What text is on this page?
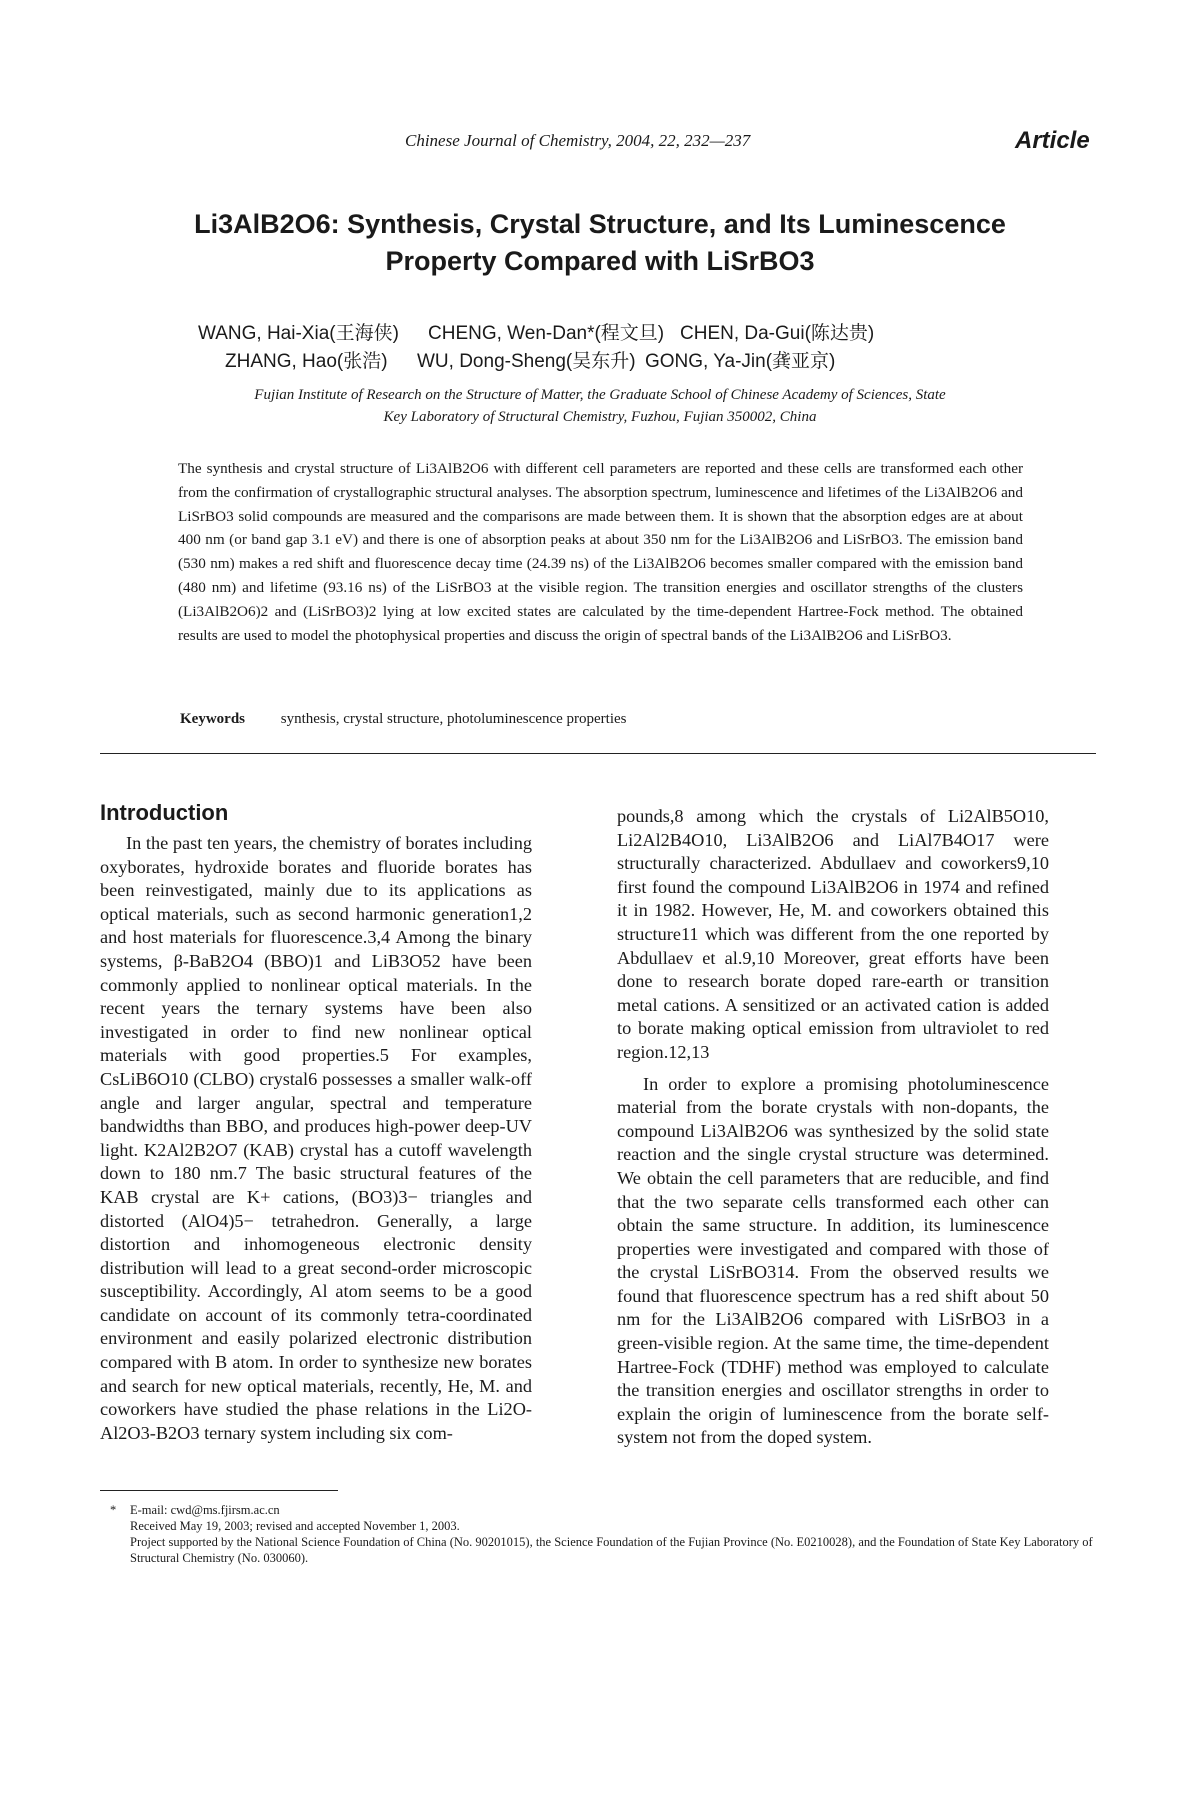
Chinese Journal of Chemistry, 2004, 22, 232—237	Article
Li3AlB2O6: Synthesis, Crystal Structure, and Its Luminescence
Property Compared with LiSrBO3
WANG, Hai-Xia(王海侠) CHENG, Wen-Dan*(程文旦) CHEN, Da-Gui(陈达贵)
ZHANG, Hao(张浩) WU, Dong-Sheng(吴东升) GONG, Ya-Jin(龚亚京)
Fujian Institute of Research on the Structure of Matter, the Graduate School of Chinese Academy of Sciences, State
Key Laboratory of Structural Chemistry, Fuzhou, Fujian 350002, China

The synthesis and crystal structure of Li3AlB2O6 with different cell parameters are reported and these cells are transformed each other from the confirmation of crystallographic structural analyses. The absorption spectrum, luminescence and lifetimes of the Li3AlB2O6 and LiSrBO3 solid compounds are measured and the comparisons are made between them. It is shown that the absorption edges are at about 400 nm (or band gap 3.1 eV) and there is one of absorption peaks at about 350 nm for the Li3AlB2O6 and LiSrBO3. The emission band (530 nm) makes a red shift and fluorescence decay time (24.39 ns) of the Li3AlB2O6 becomes smaller compared with the emission band (480 nm) and lifetime (93.16 ns) of the LiSrBO3 at the visible region. The transition energies and oscillator strengths of the clusters (Li3AlB2O6)2 and (LiSrBO3)2 lying at low excited states are calculated by the time-dependent Hartree-Fock method. The obtained results are used to model the photophysical properties and discuss the origin of spectral bands of the Li3AlB2O6 and LiSrBO3.

Keywords synthesis, crystal structure, photoluminescence properties
Introduction

In the past ten years, the chemistry of borates including oxyborates, hydroxide borates and fluoride borates has been reinvestigated, mainly due to its applications as optical materials, such as second harmonic generation1,2 and host materials for fluorescence.3,4 Among the binary systems, β-BaB2O4 (BBO)1 and LiB3O52 have been commonly applied to nonlinear optical materials. In the recent years the ternary systems have been also investigated in order to find new nonlinear optical materials with good properties.5 For examples, CsLiB6O10 (CLBO) crystal6 possesses a smaller walk-off angle and larger angular, spectral and temperature bandwidths than BBO, and produces high-power deep-UV light. K2Al2B2O7 (KAB) crystal has a cutoff wavelength down to 180 nm.7 The basic structural features of the KAB crystal are K+ cations, (BO3)3− triangles and distorted (AlO4)5− tetrahedron. Generally, a large distortion and inhomogeneous electronic density distribution will lead to a great second-order microscopic susceptibility. Accordingly, Al atom seems to be a good candidate on account of its commonly tetra-coordinated environment and easily polarized electronic distribution compared with B atom. In order to synthesize new borates and search for new optical materials, recently, He, M. and coworkers have studied the phase relations in the Li2O-Al2O3-B2O3 ternary system including six com-

pounds,8 among which the crystals of Li2AlB5O10, Li2Al2B4O10, Li3AlB2O6 and LiAl7B4O17 were structurally characterized. Abdullaev and coworkers9,10 first found the compound Li3AlB2O6 in 1974 and refined it in 1982. However, He, M. and coworkers obtained this structure11 which was different from the one reported by Abdullaev et al.9,10 Moreover, great efforts have been done to research borate doped rare-earth or transition metal cations. A sensitized or an activated cation is added to borate making optical emission from ultraviolet to red region.12,13

In order to explore a promising photoluminescence material from the borate crystals with non-dopants, the compound Li3AlB2O6 was synthesized by the solid state reaction and the single crystal structure was determined. We obtain the cell parameters that are reducible, and find that the two separate cells transformed each other can obtain the same structure. In addition, its luminescence properties were investigated and compared with those of the crystal LiSrBO314. From the observed results we found that fluorescence spectrum has a red shift about 50 nm for the Li3AlB2O6 compared with LiSrBO3 in a green-visible region. At the same time, the time-dependent Hartree-Fock (TDHF) method was employed to calculate the transition energies and oscillator strengths in order to explain the origin of luminescence from the borate self-system not from the doped system.

* E-mail: cwd@ms.fjirsm.ac.cn

Received May 19, 2003; revised and accepted November 1, 2003.

Project supported by the National Science Foundation of China (No. 90201015), the Science Foundation of the Fujian Province (No. E0210028), and the Foundation of State Key Laboratory of Structural Chemistry (No. 030060).
